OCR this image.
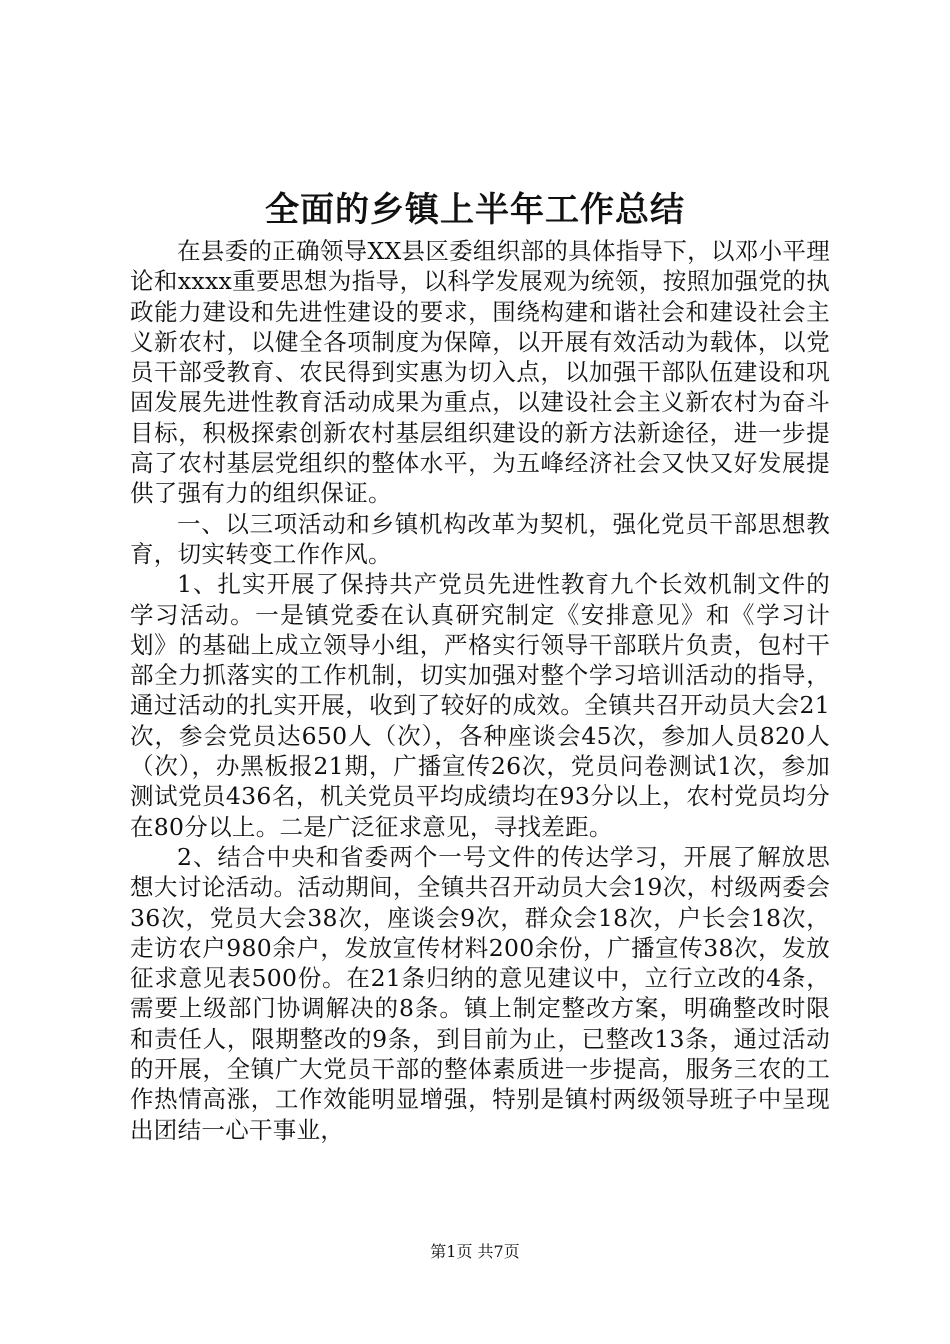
全面的乡镇上半年工作总结

在县委的正确领导XX县区委组织部的具体指导下，以邓小平理论和xxxx重要思想为指导，以科学发展观为统领，按照加强党的执政能力建设和先进性建设的要求，围绕构建和谐社会和建设社会主义新农村，以健全各项制度为保障，以开展有效活动为载体，以党员干部受教育、农民得到实惠为切入点，以加强干部队伍建设和巩固发展先进性教育活动成果为重点，以建设社会主义新农村为奋斗目标，积极探索创新农村基层组织建设的新方法新途径，进一步提高了农村基层党组织的整体水平，为五峰经济社会又快又好发展提供了强有力的组织保证。

一、以三项活动和乡镇机构改革为契机，强化党员干部思想教育，切实转变工作作风。

1、扎实开展了保持共产党员先进性教育九个长效机制文件的学习活动。一是镇党委在认真研究制定《安排意见》和《学习计划》的基础上成立领导小组，严格实行领导干部联片负责，包村干部全力抓落实的工作机制，切实加强对整个学习培训活动的指导，通过活动的扎实开展，收到了较好的成效。全镇共召开动员大会21次，参会党员达650人（次），各种座谈会45次，参加人员820人（次），办黑板报21期，广播宣传26次，党员问卷测试1次，参加测试党员436名，机关党员平均成绩均在93分以上，农村党员均分在80分以上。二是广泛征求意见，寻找差距。

2、结合中央和省委两个一号文件的传达学习，开展了解放思想大讨论活动。活动期间，全镇共召开动员大会19次，村级两委会36次，党员大会38次，座谈会9次，群众会18次，户长会18次，走访农户980余户，发放宣传材料200余份，广播宣传38次，发放征求意见表500份。在21条归纳的意见建议中，立行立改的4条，需要上级部门协调解决的8条。镇上制定整改方案，明确整改时限和责任人，限期整改的9条，到目前为止，已整改13条，通过活动的开展，全镇广大党员干部的整体素质进一步提高，服务三农的工作热情高涨，工作效能明显增强，特别是镇村两级领导班子中呈现出团结一心干事业，

第1页 共7页
